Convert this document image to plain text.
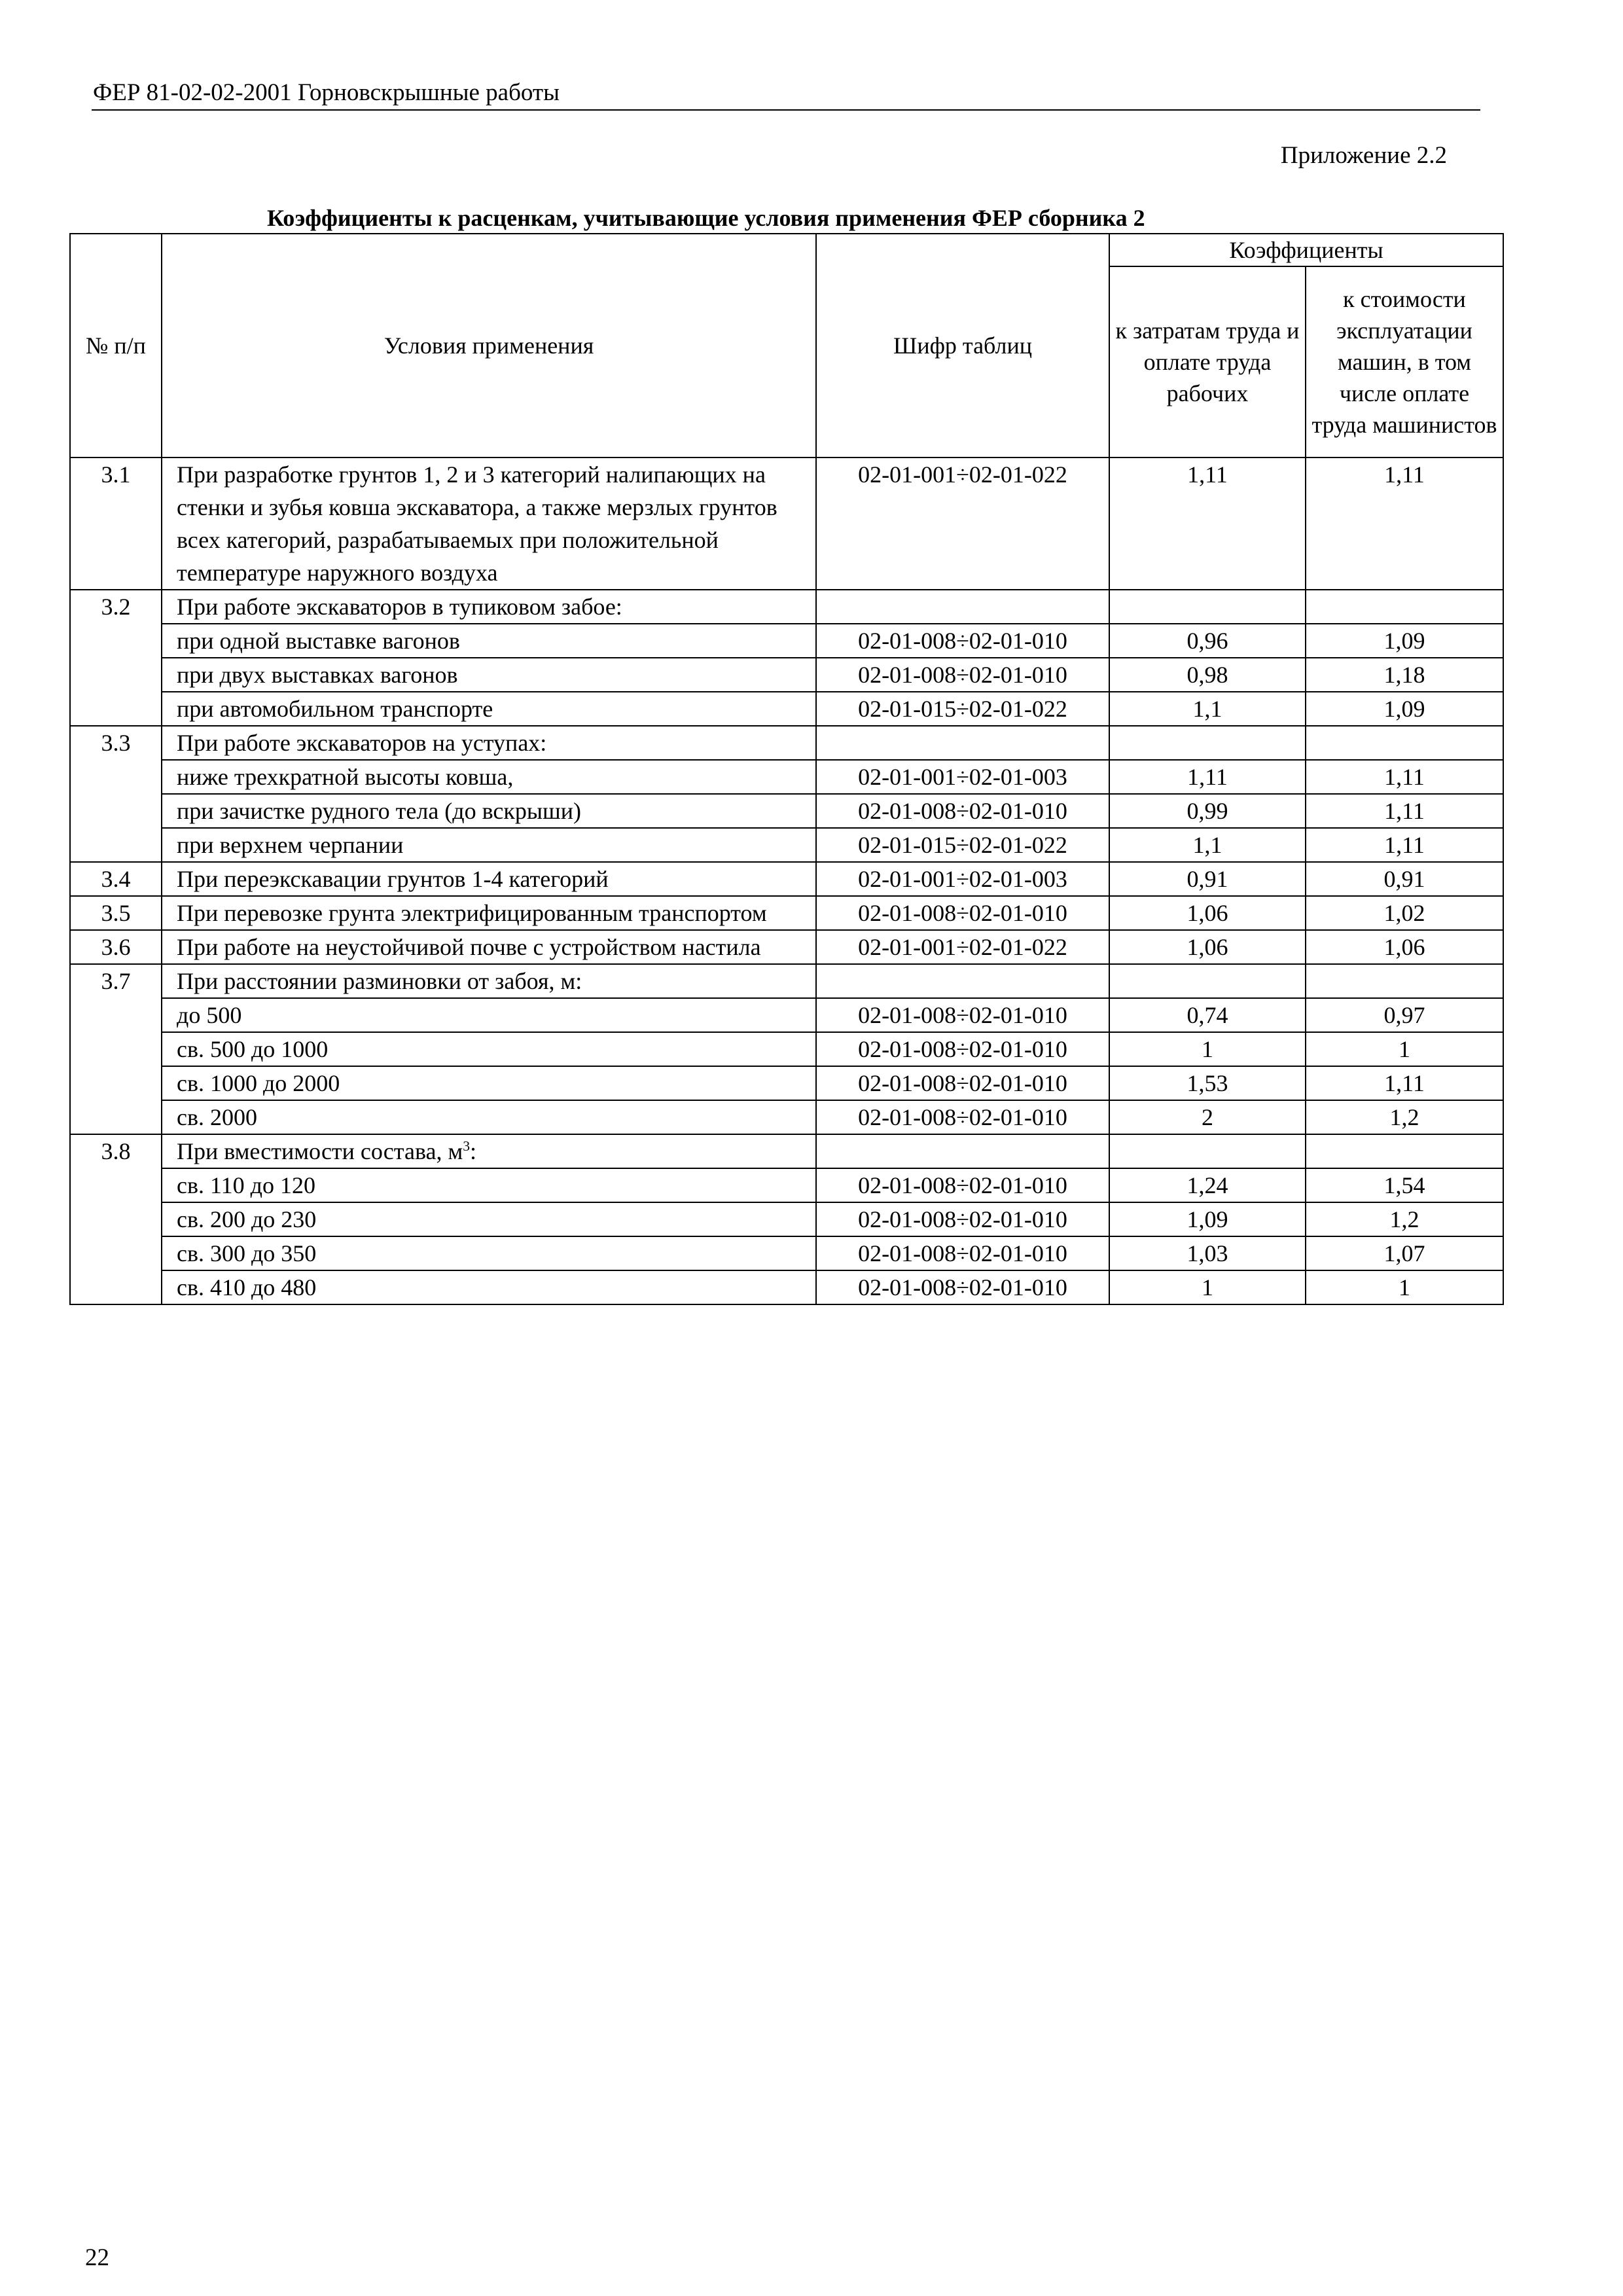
ФЕР 81-02-02-2001 Горновскрышные работы
Приложение 2.2
Коэффициенты к расценкам, учитывающие условия применения ФЕР сборника 2
№ п/п	Условия применения	Шифр таблиц	Коэффициенты	
			к затратам труда и оплате труда рабочих	к стоимости эксплуатации машин, в том числе оплате труда машинистов
3.1	При разработке грунтов 1, 2 и 3 категорий налипающих на стенки и зубья ковша экскаватора, а также мерзлых грунтов всех категорий, разрабатываемых при положительной температуре наружного воздуха	02-01-001÷02-01-022	1,11	1,11
3.2	При работе экскаваторов в тупиковом забое:			
	при одной выставке вагонов	02-01-008÷02-01-010	0,96	1,09
	при двух выставках вагонов	02-01-008÷02-01-010	0,98	1,18
	при автомобильном транспорте	02-01-015÷02-01-022	1,1	1,09
3.3	При работе экскаваторов на уступах:			
	ниже трехкратной высоты ковша,	02-01-001÷02-01-003	1,11	1,11
	при зачистке рудного тела (до вскрыши)	02-01-008÷02-01-010	0,99	1,11
	при верхнем черпании	02-01-015÷02-01-022	1,1	1,11
3.4	При переэкскавации грунтов 1-4 категорий	02-01-001÷02-01-003	0,91	0,91
3.5	При перевозке грунта электрифицированным транспортом	02-01-008÷02-01-010	1,06	1,02
3.6	При работе на неустойчивой почве с устройством настила	02-01-001÷02-01-022	1,06	1,06
3.7	При расстоянии разминовки от забоя, м:			
	до 500	02-01-008÷02-01-010	0,74	0,97
	св. 500 до 1000	02-01-008÷02-01-010	1	1
	св. 1000 до 2000	02-01-008÷02-01-010	1,53	1,11
	св. 2000	02-01-008÷02-01-010	2	1,2
3.8	При вместимости состава, $м^3$:			
	св. 110 до 120	02-01-008÷02-01-010	1,24	1,54
	св. 200 до 230	02-01-008÷02-01-010	1,09	1,2
	св. 300 до 350	02-01-008÷02-01-010	1,03	1,07
	св. 410 до 480	02-01-008÷02-01-010	1	1
22
